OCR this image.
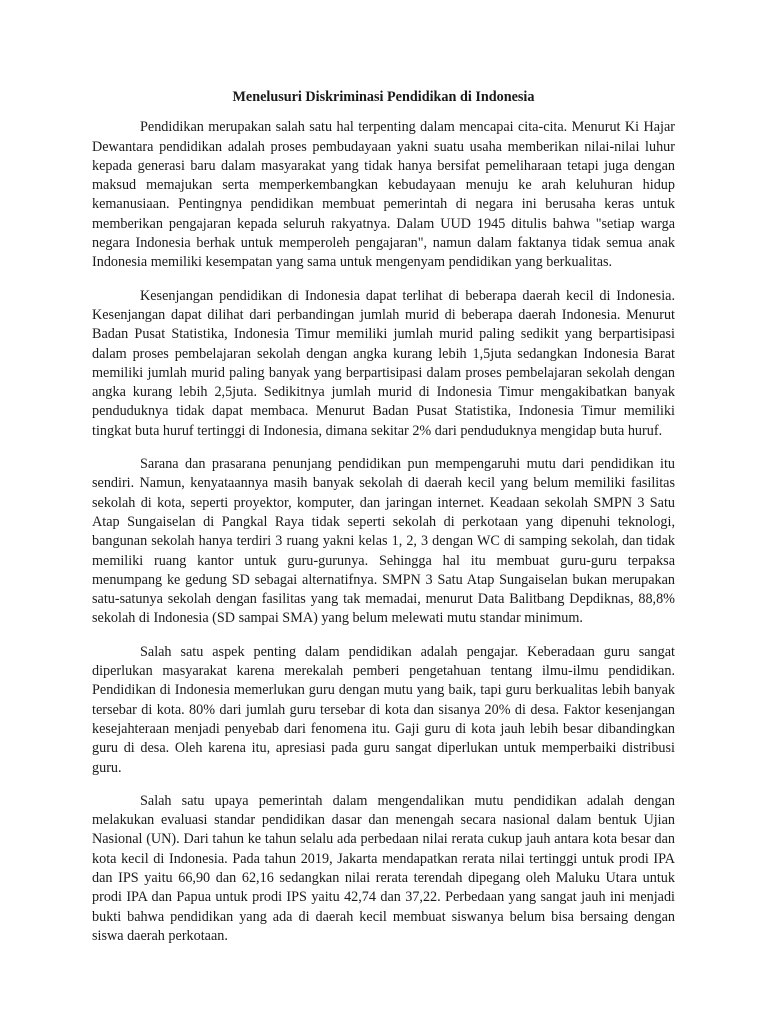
Menelusuri Diskriminasi Pendidikan di Indonesia

Pendidikan merupakan salah satu hal terpenting dalam mencapai cita-cita. Menurut Ki Hajar Dewantara pendidikan adalah proses pembudayaan yakni suatu usaha memberikan nilai-nilai luhur kepada generasi baru dalam masyarakat yang tidak hanya bersifat pemeliharaan tetapi juga dengan maksud memajukan serta memperkembangkan kebudayaan menuju ke arah keluhuran hidup kemanusiaan. Pentingnya pendidikan membuat pemerintah di negara ini berusaha keras untuk memberikan pengajaran kepada seluruh rakyatnya. Dalam UUD 1945 ditulis bahwa "setiap warga negara Indonesia berhak untuk memperoleh pengajaran", namun dalam faktanya tidak semua anak Indonesia memiliki kesempatan yang sama untuk mengenyam pendidikan yang berkualitas.

Kesenjangan pendidikan di Indonesia dapat terlihat di beberapa daerah kecil di Indonesia. Kesenjangan dapat dilihat dari perbandingan jumlah murid di beberapa daerah Indonesia. Menurut Badan Pusat Statistika, Indonesia Timur memiliki jumlah murid paling sedikit yang berpartisipasi dalam proses pembelajaran sekolah dengan angka kurang lebih 1,5juta sedangkan Indonesia Barat memiliki jumlah murid paling banyak yang berpartisipasi dalam proses pembelajaran sekolah dengan angka kurang lebih 2,5juta. Sedikitnya jumlah murid di Indonesia Timur mengakibatkan banyak penduduknya tidak dapat membaca. Menurut Badan Pusat Statistika, Indonesia Timur memiliki tingkat buta huruf tertinggi di Indonesia, dimana sekitar 2% dari penduduknya mengidap buta huruf.

Sarana dan prasarana penunjang pendidikan pun mempengaruhi mutu dari pendidikan itu sendiri. Namun, kenyataannya masih banyak sekolah di daerah kecil yang belum memiliki fasilitas sekolah di kota, seperti proyektor, komputer, dan jaringan internet. Keadaan sekolah SMPN 3 Satu Atap Sungaiselan di Pangkal Raya tidak seperti sekolah di perkotaan yang dipenuhi teknologi, bangunan sekolah hanya terdiri 3 ruang yakni kelas 1, 2, 3 dengan WC di samping sekolah, dan tidak memiliki ruang kantor untuk guru-gurunya. Sehingga hal itu membuat guru-guru terpaksa menumpang ke gedung SD sebagai alternatifnya. SMPN 3 Satu Atap Sungaiselan bukan merupakan satu-satunya sekolah dengan fasilitas yang tak memadai, menurut Data Balitbang Depdiknas, 88,8% sekolah di Indonesia (SD sampai SMA) yang belum melewati mutu standar minimum.

Salah satu aspek penting dalam pendidikan adalah pengajar. Keberadaan guru sangat diperlukan masyarakat karena merekalah pemberi pengetahuan tentang ilmu-ilmu pendidikan. Pendidikan di Indonesia memerlukan guru dengan mutu yang baik, tapi guru berkualitas lebih banyak tersebar di kota. 80% dari jumlah guru tersebar di kota dan sisanya 20% di desa. Faktor kesenjangan kesejahteraan menjadi penyebab dari fenomena itu. Gaji guru di kota jauh lebih besar dibandingkan guru di desa. Oleh karena itu, apresiasi pada guru sangat diperlukan untuk memperbaiki distribusi guru.

Salah satu upaya pemerintah dalam mengendalikan mutu pendidikan adalah dengan melakukan evaluasi standar pendidikan dasar dan menengah secara nasional dalam bentuk Ujian Nasional (UN). Dari tahun ke tahun selalu ada perbedaan nilai rerata cukup jauh antara kota besar dan kota kecil di Indonesia. Pada tahun 2019, Jakarta mendapatkan rerata nilai tertinggi untuk prodi IPA dan IPS yaitu 66,90 dan 62,16 sedangkan nilai rerata terendah dipegang oleh Maluku Utara untuk prodi IPA dan Papua untuk prodi IPS yaitu 42,74 dan 37,22. Perbedaan yang sangat jauh ini menjadi bukti bahwa pendidikan yang ada di daerah kecil membuat siswanya belum bisa bersaing dengan siswa daerah perkotaan.
